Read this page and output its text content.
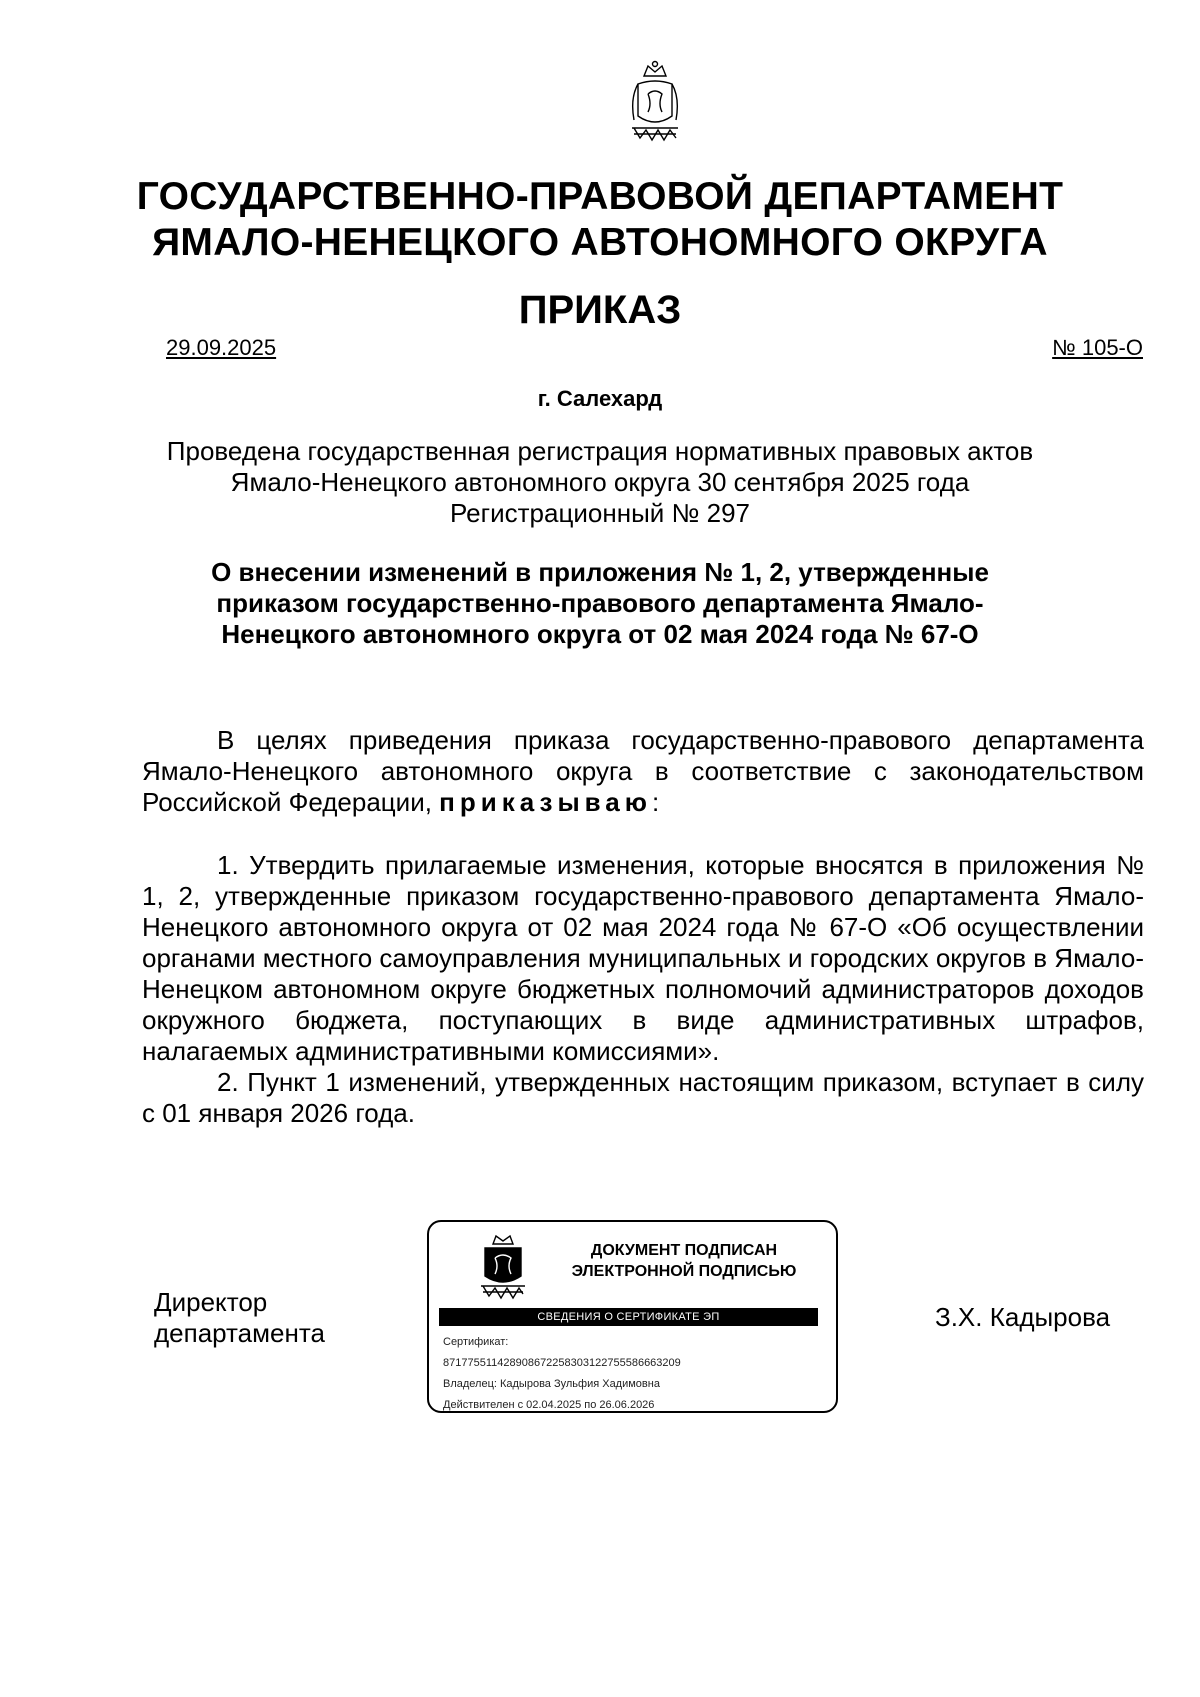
ГОСУДАРСТВЕННО-ПРАВОВОЙ ДЕПАРТАМЕНТ
ЯМАЛО-НЕНЕЦКОГО АВТОНОМНОГО ОКРУГА
ПРИКАЗ
29.09.2025	№ 105-О
г. Салехард
Проведена государственная регистрация нормативных правовых актов
Ямало-Ненецкого автономного округа 30 сентября 2025 года
Регистрационный № 297
О внесении изменений в приложения № 1, 2, утвержденные
приказом государственно-правового департамента Ямало-
Ненецкого автономного округа от 02 мая 2024 года № 67-О

В целях приведения приказа государственно-правового департамента Ямало-Ненецкого автономного округа в соответствие с законодательством Российской Федерации, приказываю:

1. Утвердить прилагаемые изменения, которые вносятся в приложения № 1, 2, утвержденные приказом государственно-правового департамента Ямало-Ненецкого автономного округа от 02 мая 2024 года № 67-О «Об осуществлении органами местного самоуправления муниципальных и городских округов в Ямало-Ненецком автономном округе бюджетных полномочий администраторов доходов окружного бюджета, поступающих в виде административных штрафов, налагаемых административными комиссиями».

2. Пункт 1 изменений, утвержденных настоящим приказом, вступает в силу с 01 января 2026 года.

Директор
департамента
ДОКУМЕНТ ПОДПИСАН
ЭЛЕКТРОННОЙ ПОДПИСЬЮ
СВЕДЕНИЯ О СЕРТИФИКАТЕ ЭП
Сертификат:
871775511428908672258303122755586663209
Владелец: Кадырова Зульфия Хадимовна
Действителен с 02.04.2025 по 26.06.2026
З.Х. Кадырова
